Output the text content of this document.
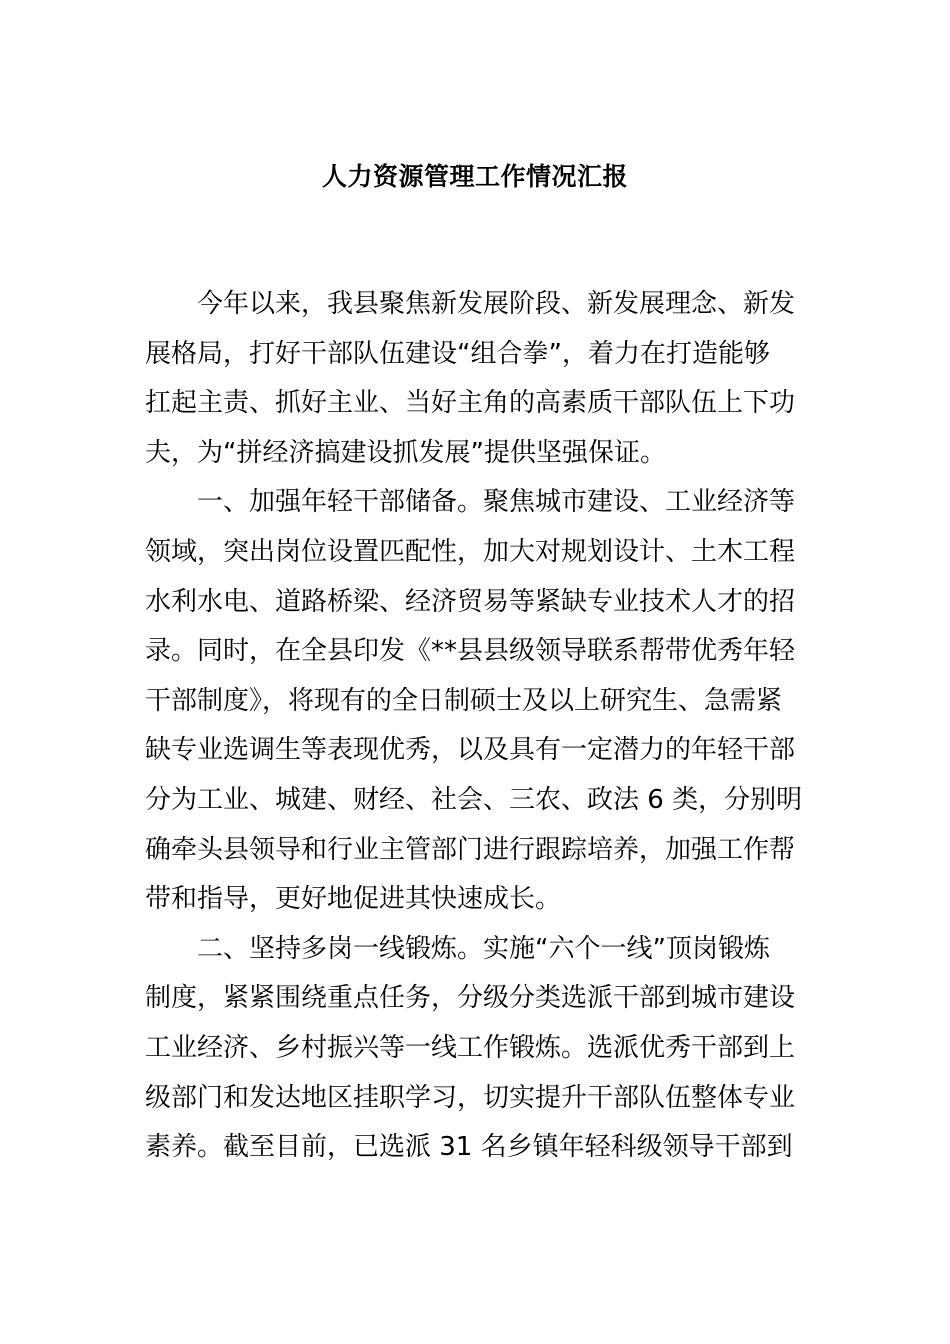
人力资源管理工作情况汇报
今年以来，我县聚焦新发展阶段、新发展理念、新发
展格局，打好干部队伍建设“组合拳”，着力在打造能够
扛起主责、抓好主业、当好主角的高素质干部队伍上下功
夫，为“拼经济搞建设抓发展”提供坚强保证。
一、加强年轻干部储备。聚焦城市建设、工业经济等
领域，突出岗位设置匹配性，加大对规划设计、土木工程
水利水电、道路桥梁、经济贸易等紧缺专业技术人才的招
录。同时，在全县印发《**县县级领导联系帮带优秀年轻
干部制度》，将现有的全日制硕士及以上研究生、急需紧
缺专业选调生等表现优秀，以及具有一定潜力的年轻干部
分为工业、城建、财经、社会、三农、政法 6 类，分别明
确牵头县领导和行业主管部门进行跟踪培养，加强工作帮
带和指导，更好地促进其快速成长。
二、坚持多岗一线锻炼。实施“六个一线”顶岗锻炼
制度，紧紧围绕重点任务，分级分类选派干部到城市建设
工业经济、乡村振兴等一线工作锻炼。选派优秀干部到上
级部门和发达地区挂职学习，切实提升干部队伍整体专业
素养。截至目前，已选派 31 名乡镇年轻科级领导干部到
